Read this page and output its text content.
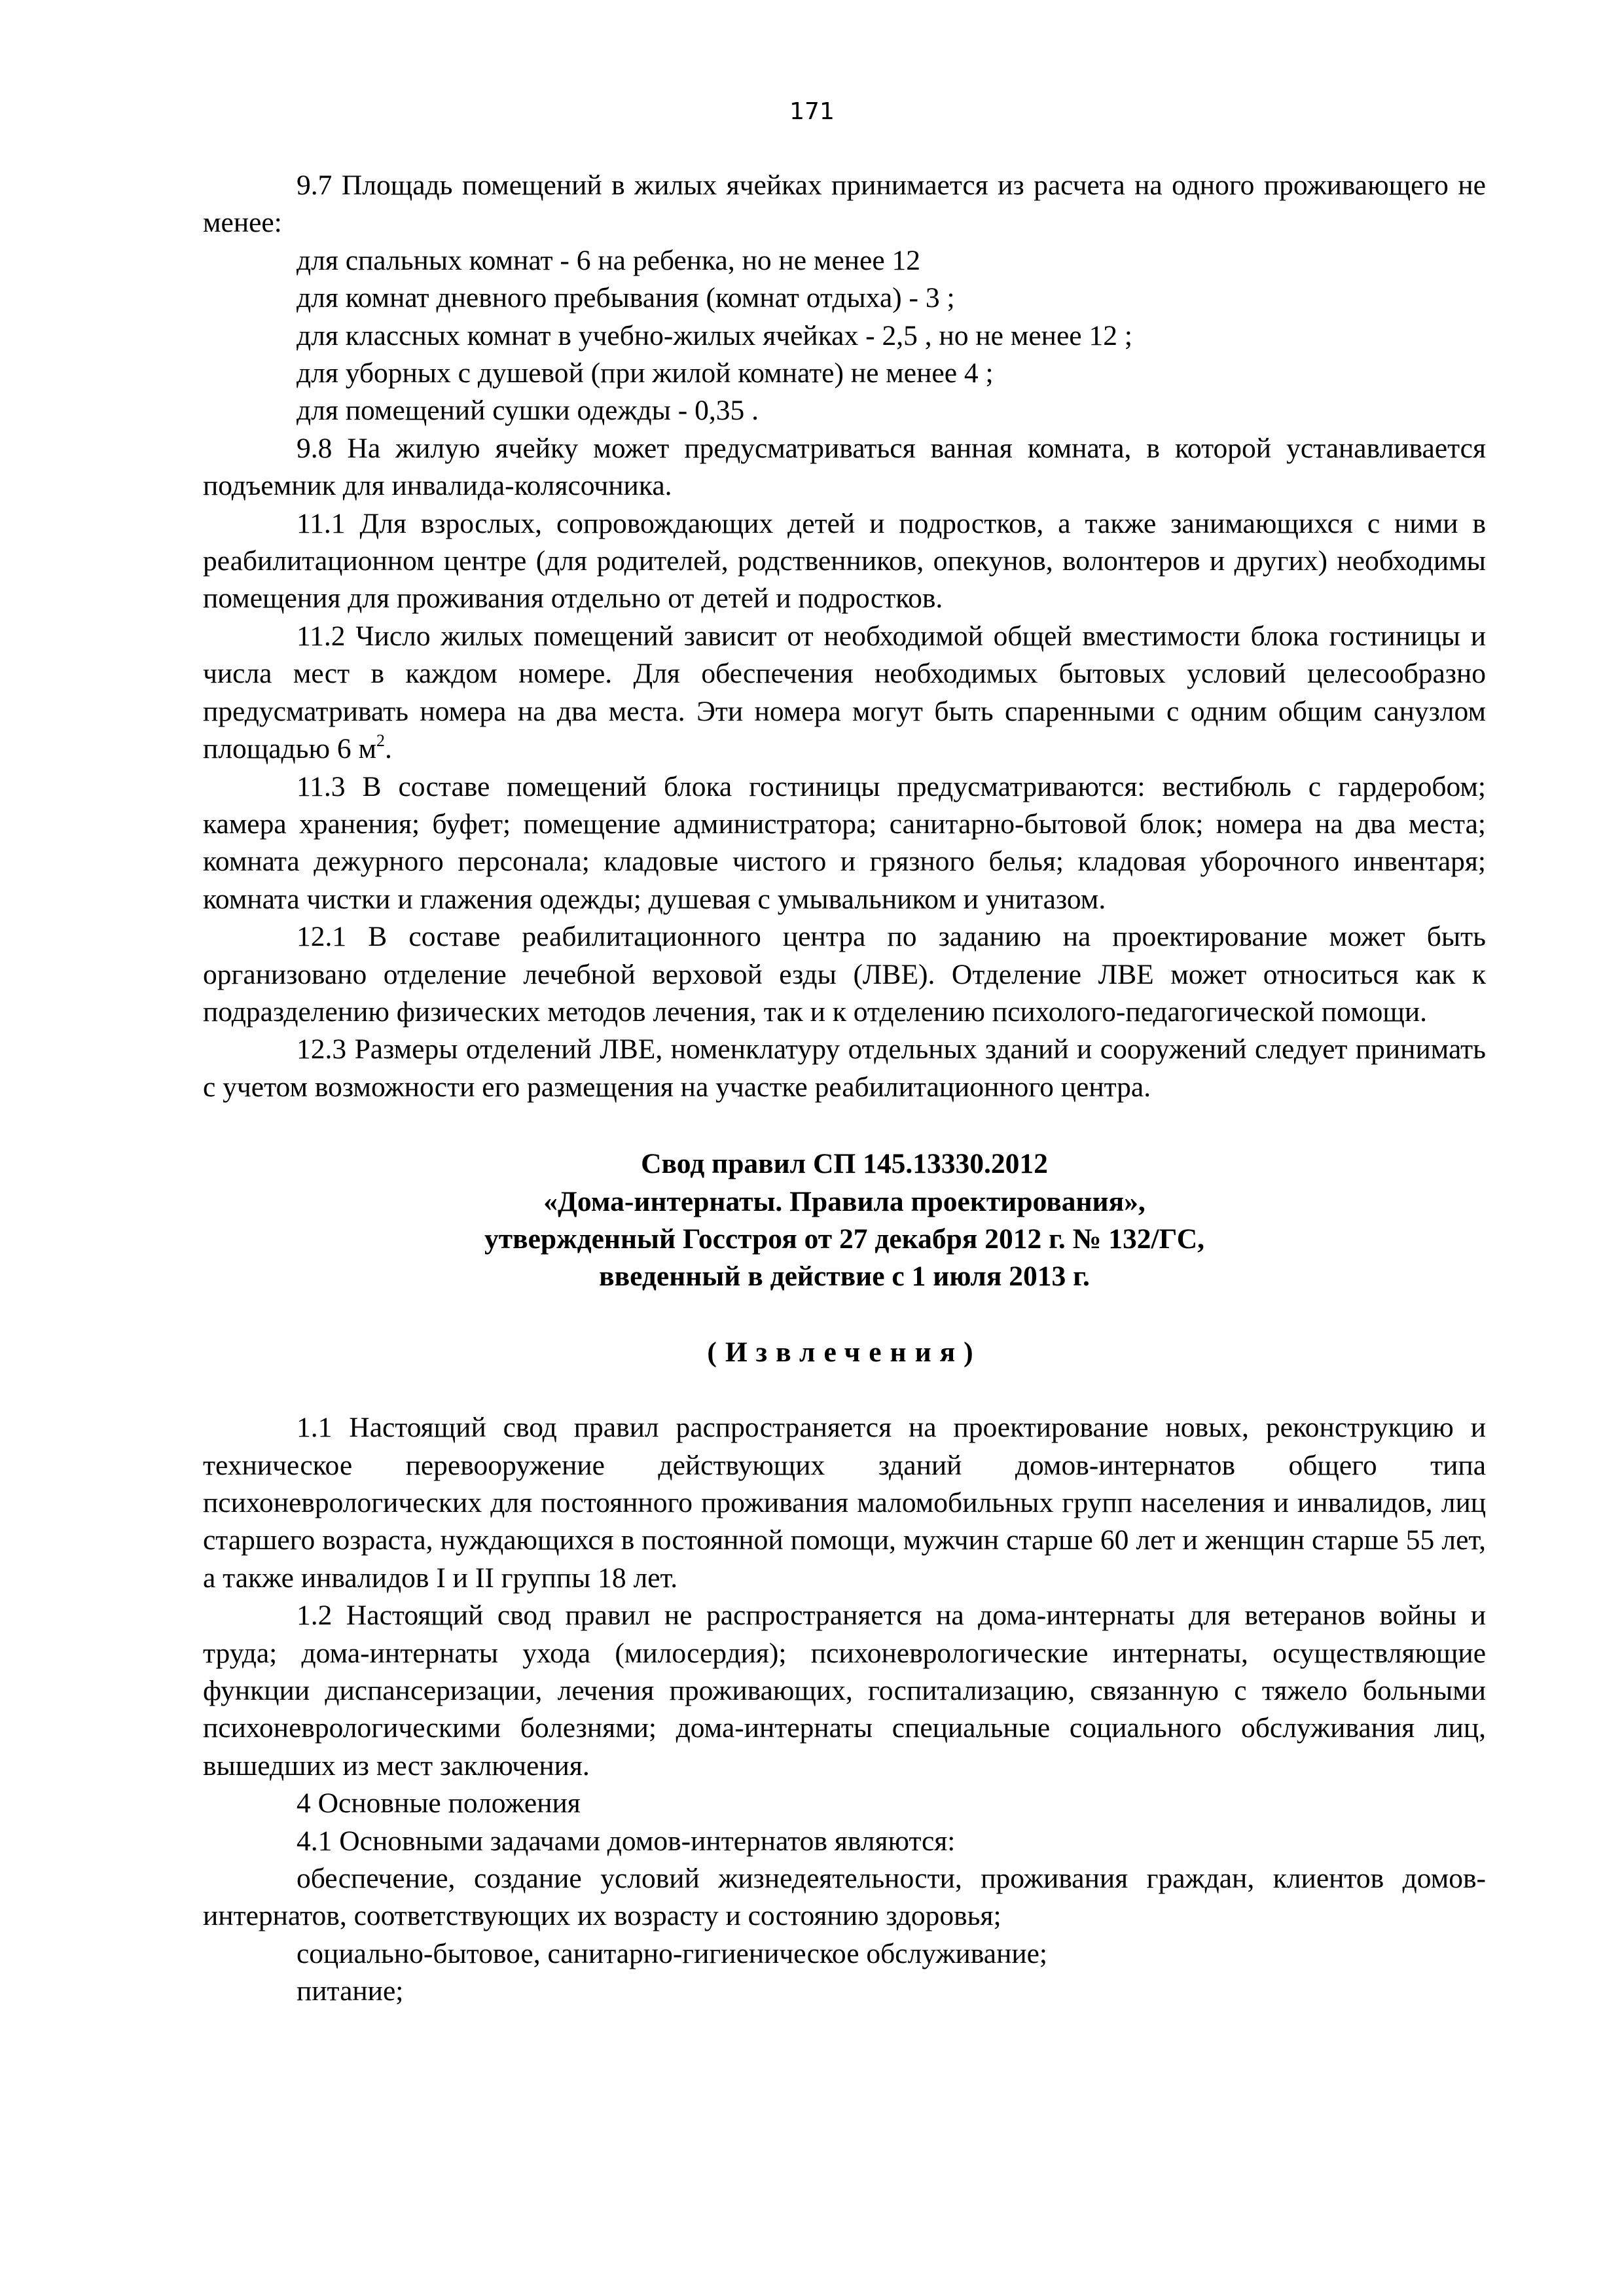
171

9.7 Площадь помещений в жилых ячейках принимается из расчета на одного проживающего не менее:

для спальных комнат - 6 на ребенка, но не менее 12

для комнат дневного пребывания (комнат отдыха) - 3 ;

для классных комнат в учебно-жилых ячейках - 2,5 , но не менее 12 ;

для уборных с душевой (при жилой комнате) не менее 4 ;

для помещений сушки одежды - 0,35 .

9.8 На жилую ячейку может предусматриваться ванная комната, в которой устанавливается подъемник для инвалида-колясочника.

11.1 Для взрослых, сопровождающих детей и подростков, а также занимающихся с ними в реабилитационном центре (для родителей, родственников, опекунов, волонтеров и других) необходимы помещения для проживания отдельно от детей и подростков.

11.2 Число жилых помещений зависит от необходимой общей вместимости блока гостиницы и числа мест в каждом номере. Для обеспечения необходимых бытовых условий целесообразно предусматривать номера на два места. Эти номера могут быть спаренными с одним общим санузлом площадью 6 $м^2$.

11.3 В составе помещений блока гостиницы предусматриваются: вестибюль с гардеробом; камера хранения; буфет; помещение администратора; санитарно-бытовой блок; номера на два места; комната дежурного персонала; кладовые чистого и грязного белья; кладовая уборочного инвентаря; комната чистки и глажения одежды; душевая с умывальником и унитазом.

12.1 В составе реабилитационного центра по заданию на проектирование может быть организовано отделение лечебной верховой езды (ЛВЕ). Отделение ЛВЕ может относиться как к подразделению физических методов лечения, так и к отделению психолого-педагогической помощи.

12.3 Размеры отделений ЛВЕ, номенклатуру отдельных зданий и сооружений следует принимать с учетом возможности его размещения на участке реабилитационного центра.

Свод правил СП 145.13330.2012
«Дома-интернаты. Правила проектирования»,
утвержденный Госстроя от 27 декабря 2012 г. № 132/ГС,
введенный в действие с 1 июля 2013 г.
(Извлечения)

1.1 Настоящий свод правил распространяется на проектирование новых, реконструкцию и техническое перевооружение действующих зданий домов-интернатов общего типа психоневрологических для постоянного проживания маломобильных групп населения и инвалидов, лиц старшего возраста, нуждающихся в постоянной помощи, мужчин старше 60 лет и женщин старше 55 лет, а также инвалидов I и II группы 18 лет.

1.2 Настоящий свод правил не распространяется на дома-интернаты для ветеранов войны и труда; дома-интернаты ухода (милосердия); психоневрологические интернаты, осуществляющие функции диспансеризации, лечения проживающих, госпитализацию, связанную с тяжело больными психоневрологическими болезнями; дома-интернаты специальные социального обслуживания лиц, вышедших из мест заключения.

4 Основные положения

4.1 Основными задачами домов-интернатов являются:

обеспечение, создание условий жизнедеятельности, проживания граждан, клиентов домов-интернатов, соответствующих их возрасту и состоянию здоровья;

социально-бытовое, санитарно-гигиеническое обслуживание;

питание;
